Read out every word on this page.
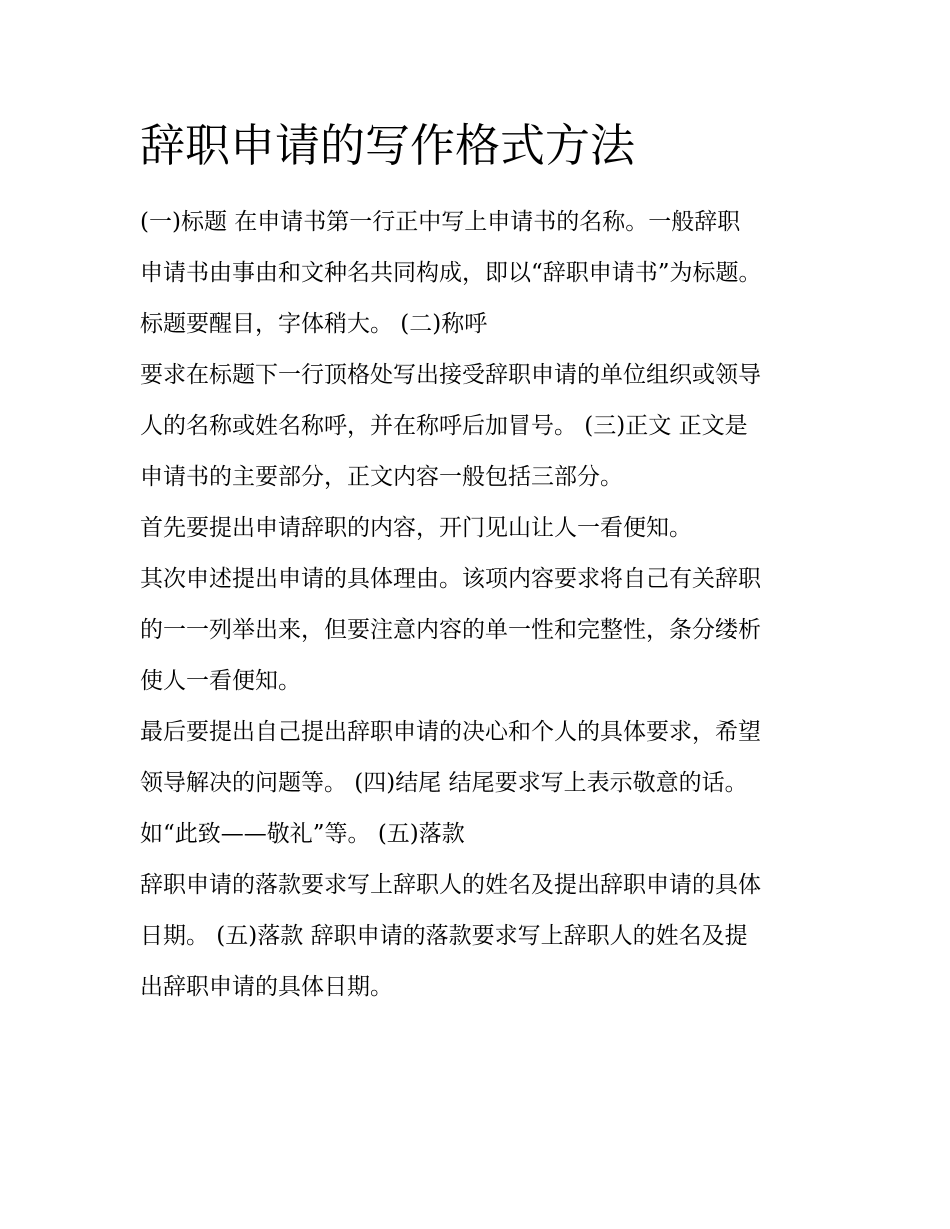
辞职申请的写作格式方法

(一)标题 在申请书第一行正中写上申请书的名称。一般辞职

申请书由事由和文种名共同构成，即以“辞职申请书”为标题。

标题要醒目，字体稍大。 (二)称呼

要求在标题下一行顶格处写出接受辞职申请的单位组织或领导

人的名称或姓名称呼，并在称呼后加冒号。 (三)正文 正文是

申请书的主要部分，正文内容一般包括三部分。

首先要提出申请辞职的内容，开门见山让人一看便知。

其次申述提出申请的具体理由。该项内容要求将自己有关辞职

的一一列举出来，但要注意内容的单一性和完整性，条分缕析

使人一看便知。

最后要提出自己提出辞职申请的决心和个人的具体要求，希望

领导解决的问题等。 (四)结尾 结尾要求写上表示敬意的话。

如“此致——敬礼”等。 (五)落款

辞职申请的落款要求写上辞职人的姓名及提出辞职申请的具体

日期。 (五)落款 辞职申请的落款要求写上辞职人的姓名及提

出辞职申请的具体日期。
